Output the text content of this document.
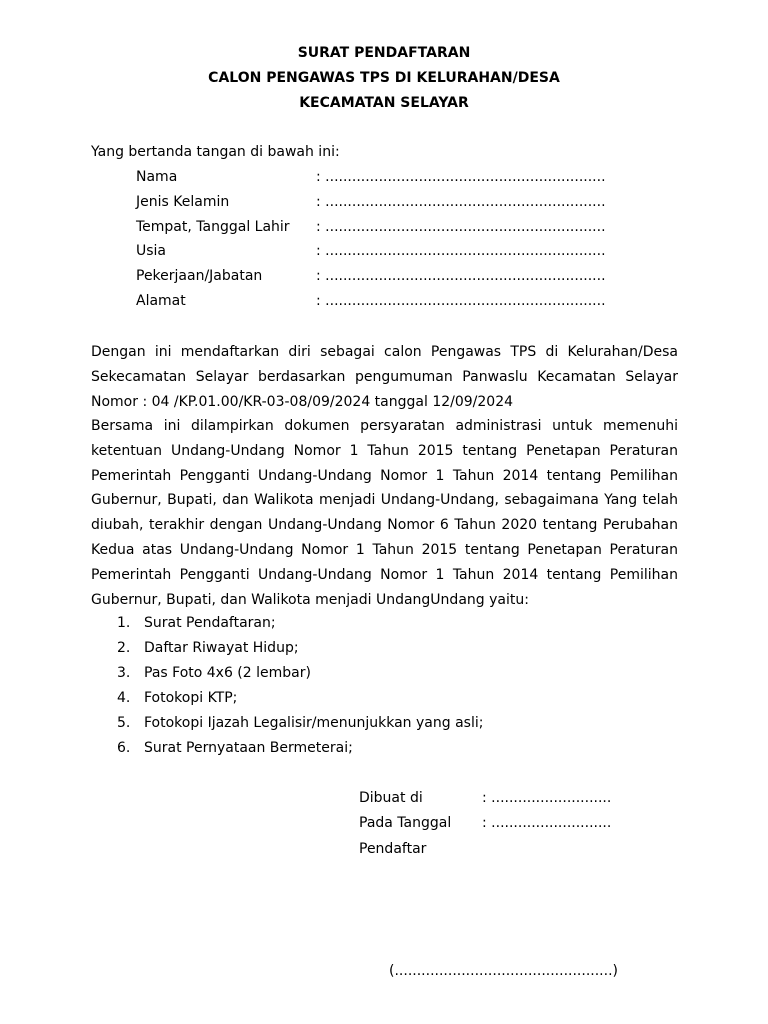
SURAT PENDAFTARAN
CALON PENGAWAS TPS DI KELURAHAN/DESA
KECAMATAN SELAYAR
Yang bertanda tangan di bawah ini:
Nama	: ...............................................................
Jenis Kelamin	: ...............................................................
Tempat, Tanggal Lahir : ...............................................................
Usia	: ...............................................................
Pekerjaan/Jabatan	: ...............................................................
Alamat	: ...............................................................
Dengan ini mendaftarkan diri sebagai calon Pengawas TPS di Kelurahan/Desa Sekecamatan Selayar berdasarkan pengumuman Panwaslu Kecamatan Selayar Nomor : 04 /KP.01.00/KR-03-08/09/2024 tanggal 12/09/2024
Bersama ini dilampirkan dokumen persyaratan administrasi untuk memenuhi ketentuan Undang-Undang Nomor 1 Tahun 2015 tentang Penetapan Peraturan Pemerintah Pengganti Undang-Undang Nomor 1 Tahun 2014 tentang Pemilihan Gubernur, Bupati, dan Walikota menjadi Undang-Undang, sebagaimana Yang telah diubah, terakhir dengan Undang-Undang Nomor 6 Tahun 2020 tentang Perubahan Kedua atas Undang-Undang Nomor 1 Tahun 2015 tentang Penetapan Peraturan Pemerintah Pengganti Undang-Undang Nomor 1 Tahun 2014 tentang Pemilihan Gubernur, Bupati, dan Walikota menjadi UndangUndang yaitu:
1. Surat Pendaftaran;
2. Daftar Riwayat Hidup;
3. Pas Foto 4x6 (2 lembar)
4. Fotokopi KTP;
5. Fotokopi Ijazah Legalisir/menunjukkan yang asli;
6. Surat Pernyataan Bermeterai;
Dibuat di	: ...........................
Pada Tanggal : ...........................
Pendaftar
(.................................................)
